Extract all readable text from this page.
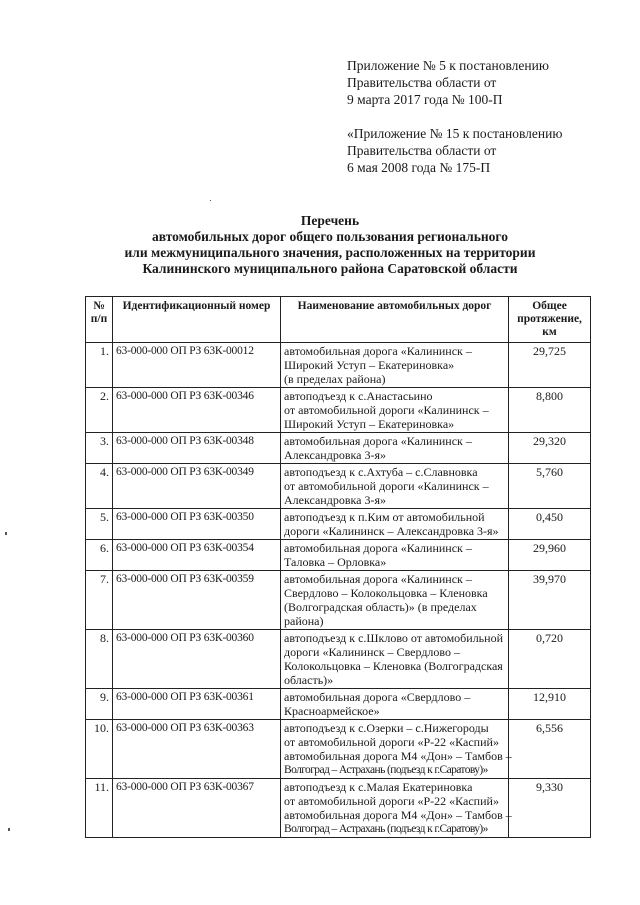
Приложение № 5 к постановлению
Правительства области от
9 марта 2017 года № 100-П
«Приложение № 15 к постановлению
Правительства области от
6 мая 2008 года № 175-П
Перечень
автомобильных дорог общего пользования регионального
или межмуниципального значения, расположенных на территории
Калининского муниципального района Саратовской области
№ п/п	Идентификационный номер	Наименование автомобильных дорог	Общее протяжение, км
1.	63-000-000 ОП РЗ 63К-00012	автомобильная дорога «Калининск –
Широкий Уступ – Екатериновка»
(в пределах района)	29,725
2.	63-000-000 ОП РЗ 63К-00346	автоподъезд к с.Анастасьино
от автомобильной дороги «Калининск –
Широкий Уступ – Екатериновка»	8,800
3.	63-000-000 ОП РЗ 63К-00348	автомобильная дорога «Калининск –
Александровка 3-я»	29,320
4.	63-000-000 ОП РЗ 63К-00349	автоподъезд к с.Ахтуба – с.Славновка
от автомобильной дороги «Калининск –
Александровка 3-я»	5,760
5.	63-000-000 ОП РЗ 63К-00350	автоподъезд к п.Ким от автомобильной
дороги «Калининск – Александровка 3-я»	0,450
6.	63-000-000 ОП РЗ 63К-00354	автомобильная дорога «Калининск –
Таловка – Орловка»	29,960
7.	63-000-000 ОП РЗ 63К-00359	автомобильная дорога «Калининск –
Свердлово – Колокольцовка – Кленовка
(Волгоградская область)» (в пределах
района)	39,970
8.	63-000-000 ОП РЗ 63К-00360	автоподъезд к с.Шклово от автомобильной
дороги «Калининск – Свердлово –
Колокольцовка – Кленовка (Волгоградская
область)»	0,720
9.	63-000-000 ОП РЗ 63К-00361	автомобильная дорога «Свердлово –
Красноармейское»	12,910
10.	63-000-000 ОП РЗ 63К-00363	автоподъезд к с.Озерки – с.Нижегороды
от автомобильной дороги «Р-22 «Каспий»
автомобильная дорога М4 «Дон» – Тамбов –
Волгоград – Астрахань (подъезд к г.Саратову)»	6,556
11.	63-000-000 ОП РЗ 63К-00367	автоподъезд к с.Малая Екатериновка
от автомобильной дороги «Р-22 «Каспий»
автомобильная дорога М4 «Дон» – Тамбов –
Волгоград – Астрахань (подъезд к г.Саратову)»	9,330
